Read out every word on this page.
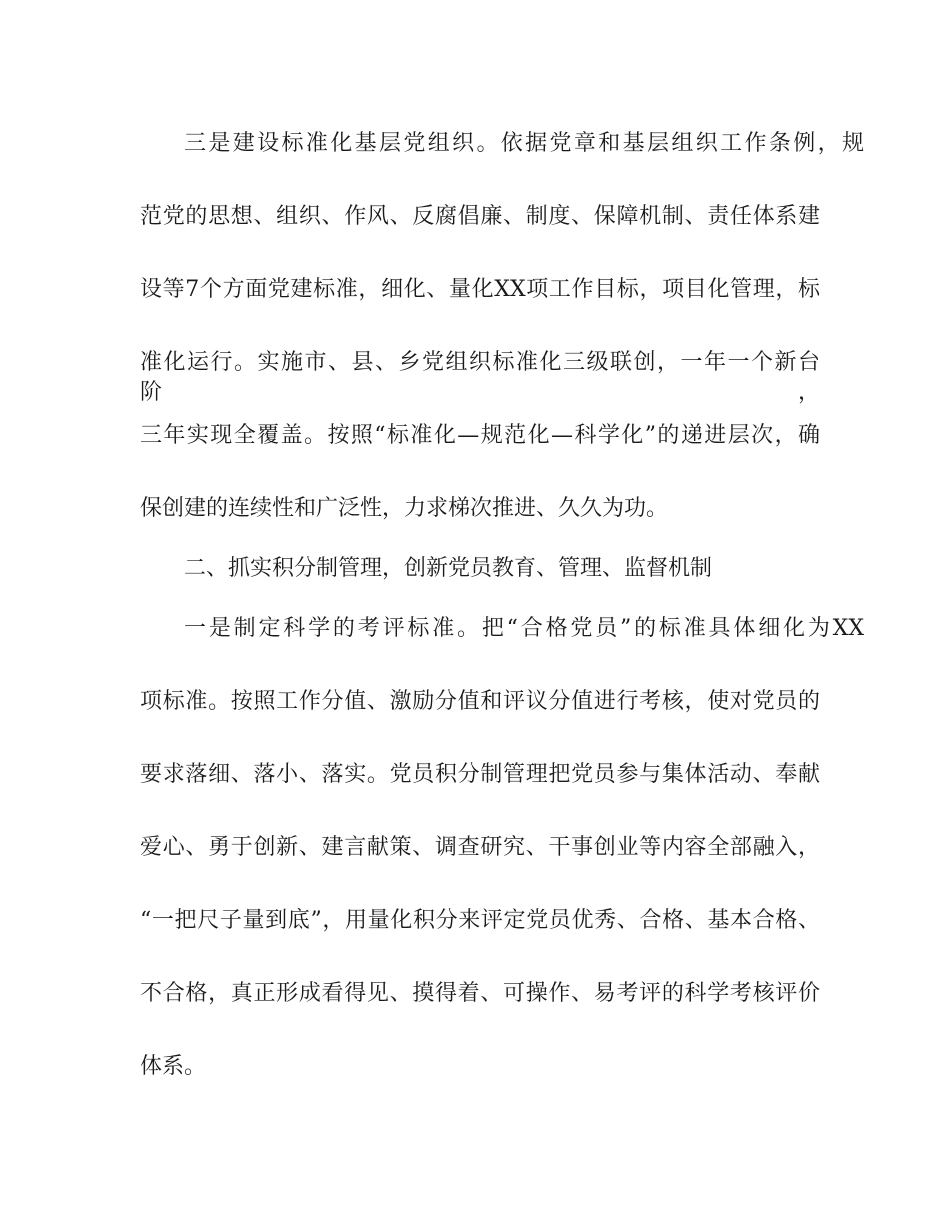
三是建设标准化基层党组织。依据党章和基层组织工作条例，规
范党的思想、组织、作风、反腐倡廉、制度、保障机制、责任体系建
设等7个方面党建标准，细化、量化XX项工作目标，项目化管理，标
准化运行。实施市、县、乡党组织标准化三级联创，一年一个新台阶，
三年实现全覆盖。按照“标准化—规范化—科学化”的递进层次，确
保创建的连续性和广泛性，力求梯次推进、久久为功。
二、抓实积分制管理，创新党员教育、管理、监督机制
一是制定科学的考评标准。把“合格党员”的标准具体细化为XX
项标准。按照工作分值、激励分值和评议分值进行考核，使对党员的
要求落细、落小、落实。党员积分制管理把党员参与集体活动、奉献
爱心、勇于创新、建言献策、调查研究、干事创业等内容全部融入，
“一把尺子量到底”，用量化积分来评定党员优秀、合格、基本合格、
不合格，真正形成看得见、摸得着、可操作、易考评的科学考核评价
体系。
